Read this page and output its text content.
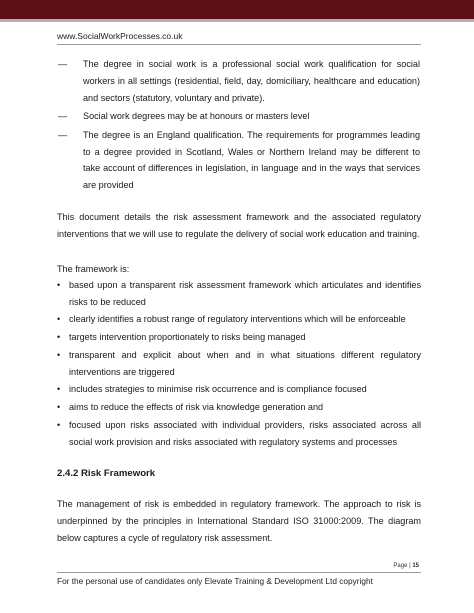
www.SocialWorkProcesses.co.uk
— The degree in social work is a professional social work qualification for social workers in all settings (residential, field, day, domiciliary, healthcare and education) and sectors (statutory, voluntary and private).
— Social work degrees may be at honours or masters level
— The degree is an England qualification. The requirements for programmes leading to a degree provided in Scotland, Wales or Northern Ireland may be different to take account of differences in legislation, in language and in the ways that services are provided

This document details the risk assessment framework and the associated regulatory interventions that we will use to regulate the delivery of social work education and training.

The framework is:

• based upon a transparent risk assessment framework which articulates and identifies risks to be reduced
• clearly identifies a robust range of regulatory interventions which will be enforceable
• targets intervention proportionately to risks being managed
• transparent and explicit about when and in what situations different regulatory interventions are triggered
• includes strategies to minimise risk occurrence and is compliance focused
• aims to reduce the effects of risk via knowledge generation and
• focused upon risks associated with individual providers, risks associated across all social work provision and risks associated with regulatory systems and processes
2.4.2 Risk Framework

The management of risk is embedded in regulatory framework. The approach to risk is underpinned by the principles in International Standard ISO 31000:2009. The diagram below captures a cycle of regulatory risk assessment.

Page | 15
For the personal use of candidates only Elevate Training & Development Ltd copyright
